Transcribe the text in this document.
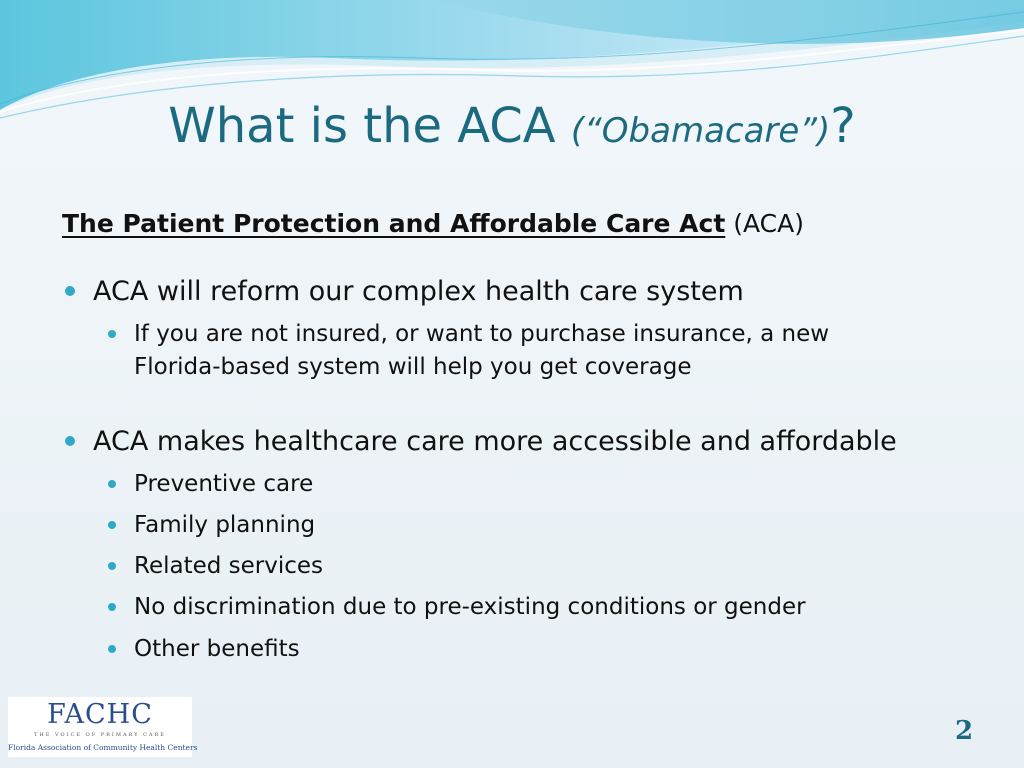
What is the ACA (“Obamacare”)?
The Patient Protection and Affordable Care Act (ACA)
ACA will reform our complex health care system
If you are not insured, or want to purchase insurance, a new
Florida-based system will help you get coverage
ACA makes healthcare care more accessible and affordable
Preventive care
Family planning
Related services
No discrimination due to pre-existing conditions or gender
Other benefits
FACHC
THE VOICE OF PRIMARY CARE
Florida Association of Community Health Centers
2
